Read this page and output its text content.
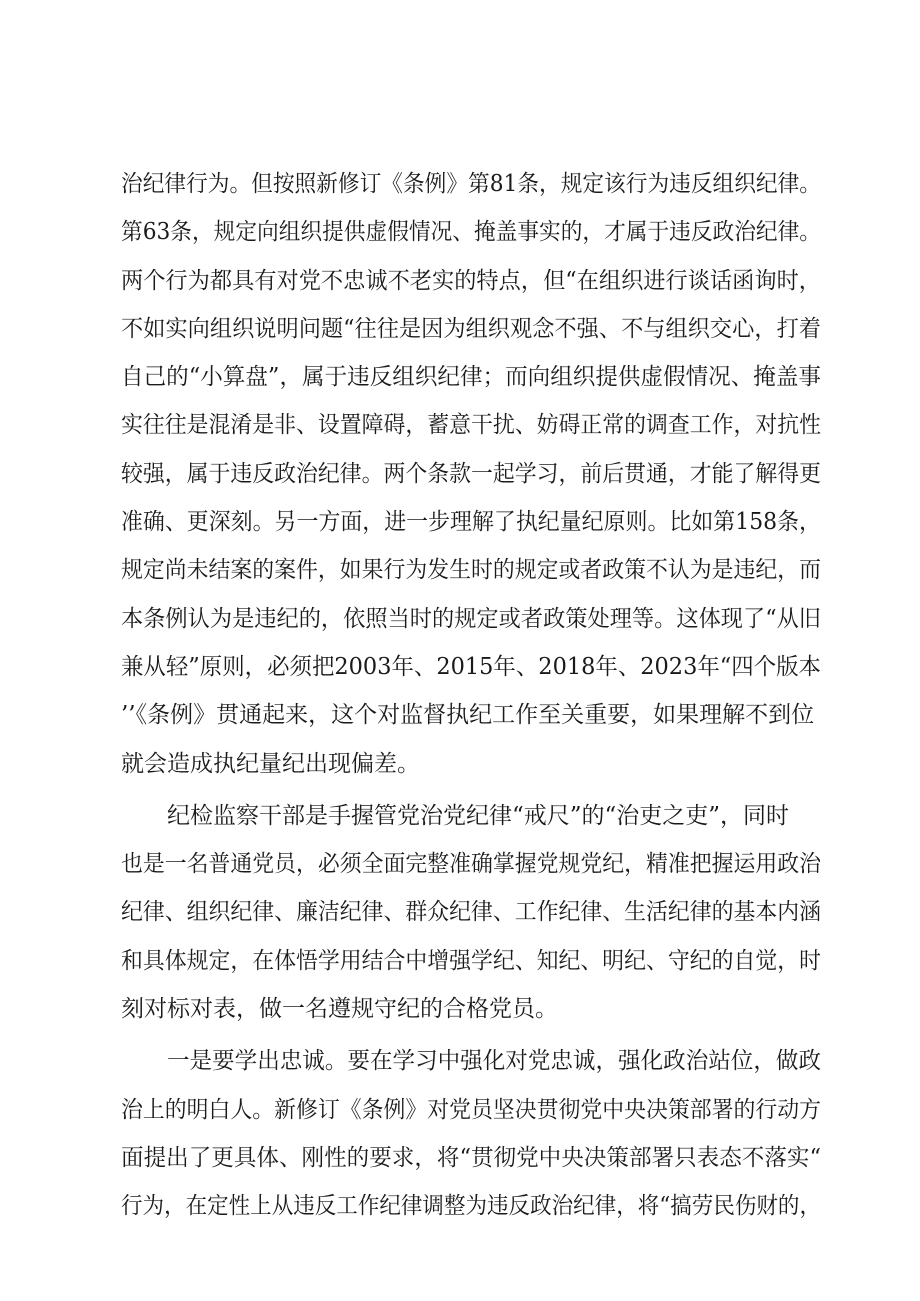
治纪律行为。但按照新修订《条例》第81条，规定该行为违反组织纪律。
第63条，规定向组织提供虚假情况、掩盖事实的，才属于违反政治纪律。
两个行为都具有对党不忠诚不老实的特点，但“在组织进行谈话函询时，
不如实向组织说明问题“往往是因为组织观念不强、不与组织交心，打着
自己的“小算盘”，属于违反组织纪律；而向组织提供虚假情况、掩盖事
实往往是混淆是非、设置障碍，蓄意干扰、妨碍正常的调查工作，对抗性
较强，属于违反政治纪律。两个条款一起学习，前后贯通，才能了解得更
准确、更深刻。另一方面，进一步理解了执纪量纪原则。比如第158条，
规定尚未结案的案件，如果行为发生时的规定或者政策不认为是违纪，而
本条例认为是违纪的，依照当时的规定或者政策处理等。这体现了“从旧
兼从轻”原则，必须把2003年、2015年、2018年、2023年“四个版本
’’《条例》贯通起来，这个对监督执纪工作至关重要，如果理解不到位
就会造成执纪量纪出现偏差。
纪检监察干部是手握管党治党纪律“戒尺”的“治吏之吏”，同时
也是一名普通党员，必须全面完整准确掌握党规党纪，精准把握运用政治
纪律、组织纪律、廉洁纪律、群众纪律、工作纪律、生活纪律的基本内涵
和具体规定，在体悟学用结合中增强学纪、知纪、明纪、守纪的自觉，时
刻对标对表，做一名遵规守纪的合格党员。
一是要学出忠诚。要在学习中强化对党忠诚，强化政治站位，做政
治上的明白人。新修订《条例》对党员坚决贯彻党中央决策部署的行动方
面提出了更具体、刚性的要求，将“贯彻党中央决策部署只表态不落实“
行为，在定性上从违反工作纪律调整为违反政治纪律，将“搞劳民伤财的，
